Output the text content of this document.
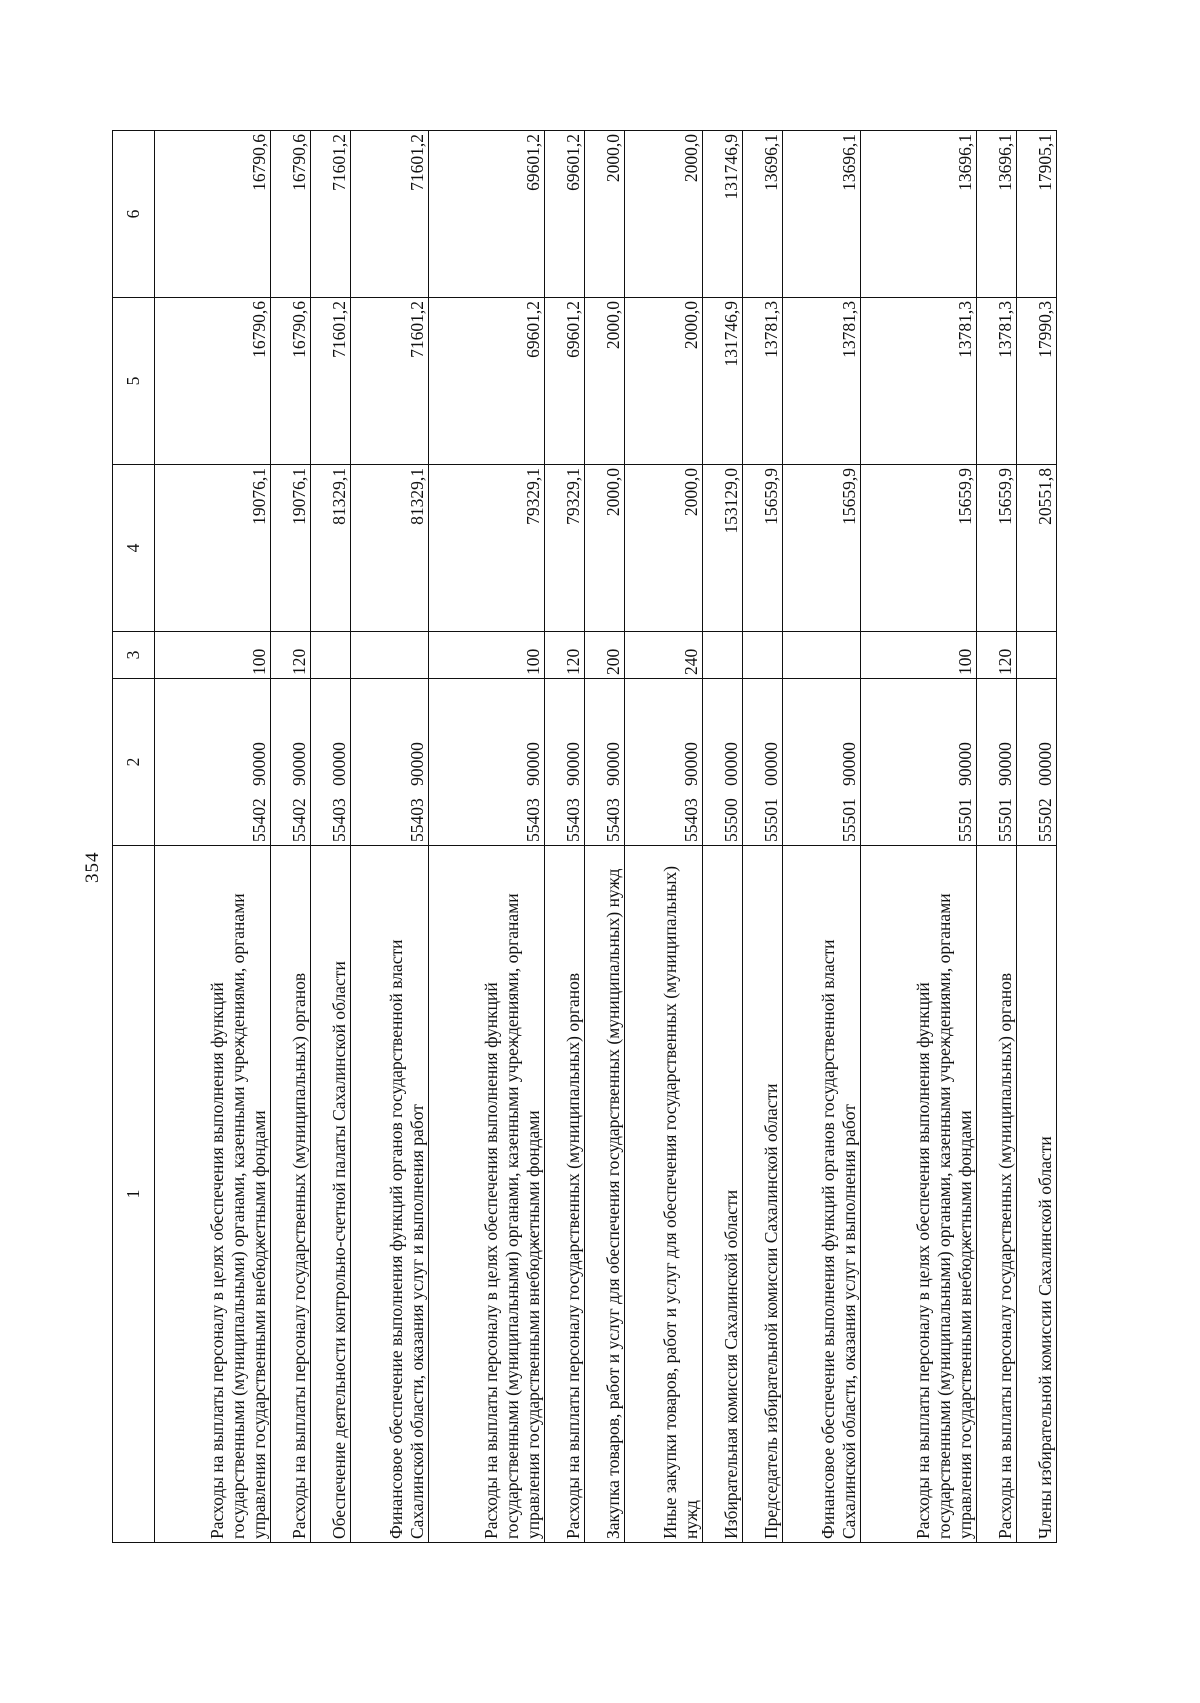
354
1	2	3	4	5	6
Расходы на выплаты персоналу в целях обеспечения выполнения функций государственными (муниципальными) органами, казенными учреждениями, органами управления государственными внебюджетными фондами	55402 90000	100	19076,1	16790,6	16790,6
Расходы на выплаты персоналу государственных (муниципальных) органов	55402 90000	120	19076,1	16790,6	16790,6
Обеспечение деятельности контрольно-счетной палаты Сахалинской области	55403 00000		81329,1	71601,2	71601,2
Финансовое обеспечение выполнения функций органов государственной власти Сахалинской области, оказания услуг и выполнения работ	55403 90000		81329,1	71601,2	71601,2
Расходы на выплаты персоналу в целях обеспечения выполнения функций государственными (муниципальными) органами, казенными учреждениями, органами управления государственными внебюджетными фондами	55403 90000	100	79329,1	69601,2	69601,2
Расходы на выплаты персоналу государственных (муниципальных) органов	55403 90000	120	79329,1	69601,2	69601,2
Закупка товаров, работ и услуг для обеспечения государственных (муниципальных) нужд	55403 90000	200	2000,0	2000,0	2000,0
Иные закупки товаров, работ и услуг для обеспечения государственных (муниципальных) нужд	55403 90000	240	2000,0	2000,0	2000,0
Избирательная комиссия Сахалинской области	55500 00000		153129,0	131746,9	131746,9
Председатель избирательной комиссии Сахалинской области	55501 00000		15659,9	13781,3	13696,1
Финансовое обеспечение выполнения функций органов государственной власти Сахалинской области, оказания услуг и выполнения работ	55501 90000		15659,9	13781,3	13696,1
Расходы на выплаты персоналу в целях обеспечения выполнения функций государственными (муниципальными) органами, казенными учреждениями, органами управления государственными внебюджетными фондами	55501 90000	100	15659,9	13781,3	13696,1
Расходы на выплаты персоналу государственных (муниципальных) органов	55501 90000	120	15659,9	13781,3	13696,1
Члены избирательной комиссии Сахалинской области	55502 00000		20551,8	17990,3	17905,1
